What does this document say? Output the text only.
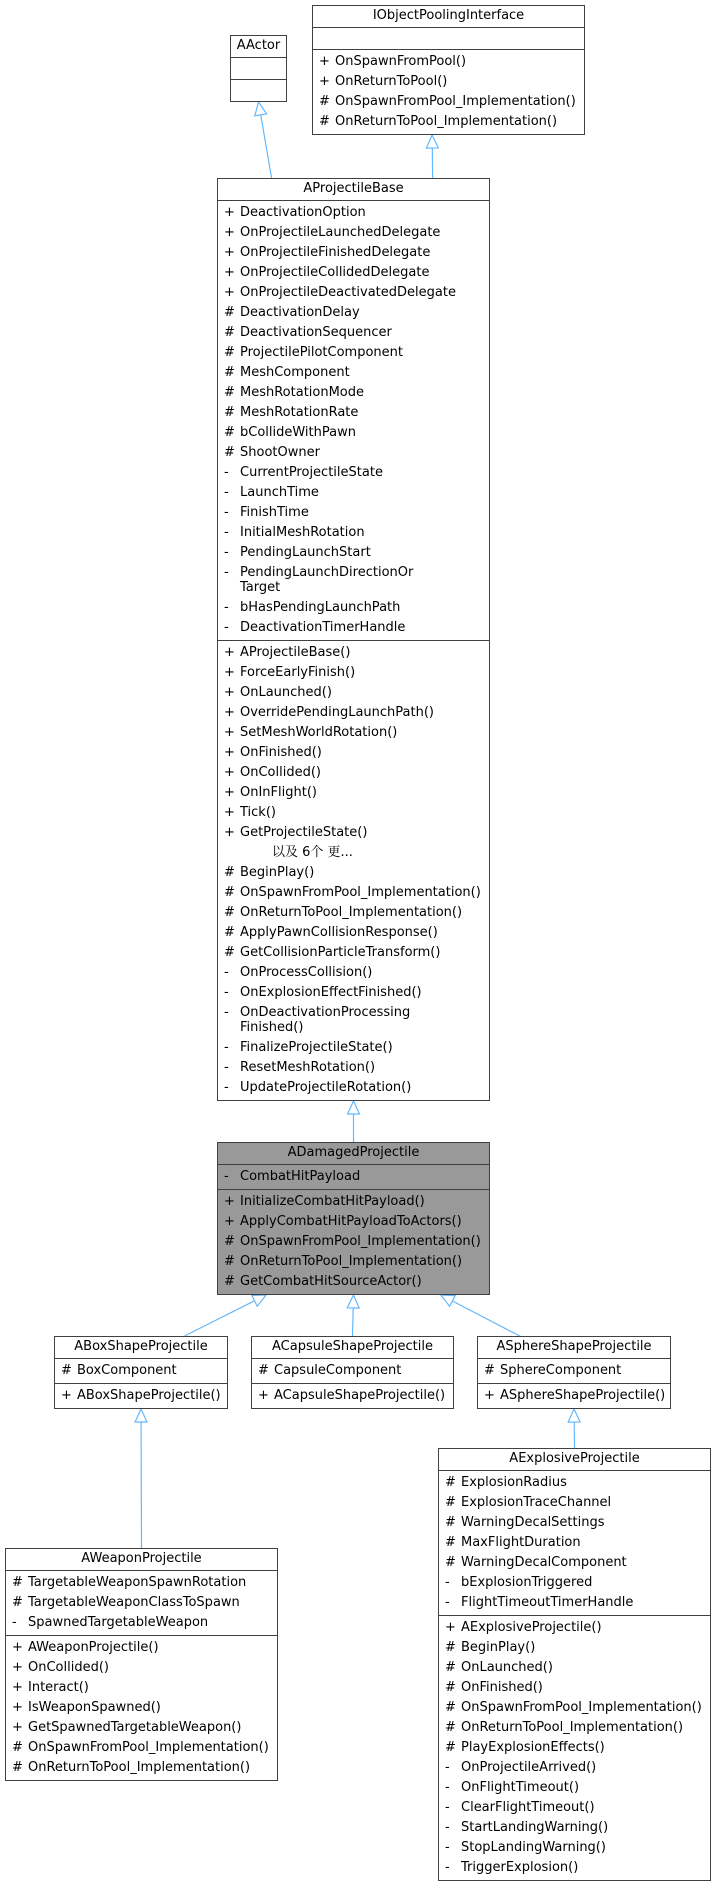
IObjectPoolingInterface
+ OnSpawnFromPool()
+ OnReturnToPool()
# OnSpawnFromPool_Implementation()
# OnReturnToPool_Implementation()
AActor
AProjectileBase
+ DeactivationOption
+ OnProjectileLaunchedDelegate
+ OnProjectileFinishedDelegate
+ OnProjectileCollidedDelegate
+ OnProjectileDeactivatedDelegate
# DeactivationDelay
# DeactivationSequencer
# ProjectilePilotComponent
# MeshComponent
# MeshRotationMode
# MeshRotationRate
# bCollideWithPawn
# ShootOwner
- CurrentProjectileState
- LaunchTime
- FinishTime
- InitialMeshRotation
- PendingLaunchStart
- PendingLaunchDirectionOr
Target
- bHasPendingLaunchPath
- DeactivationTimerHandle
+ AProjectileBase()
+ ForceEarlyFinish()
+ OnLaunched()
+ OverridePendingLaunchPath()
+ SetMeshWorldRotation()
+ OnFinished()
+ OnCollided()
+ OnInFlight()
+ Tick()
+ GetProjectileState()
以及 6个 更...
# BeginPlay()
# OnSpawnFromPool_Implementation()
# OnReturnToPool_Implementation()
# ApplyPawnCollisionResponse()
# GetCollisionParticleTransform()
- OnProcessCollision()
- OnExplosionEffectFinished()
- OnDeactivationProcessing
Finished()
- FinalizeProjectileState()
- ResetMeshRotation()
- UpdateProjectileRotation()
ADamagedProjectile
- CombatHitPayload
+ InitializeCombatHitPayload()
+ ApplyCombatHitPayloadToActors()
# OnSpawnFromPool_Implementation()
# OnReturnToPool_Implementation()
# GetCombatHitSourceActor()
ABoxShapeProjectile
# BoxComponent
+ ABoxShapeProjectile()
ACapsuleShapeProjectile
# CapsuleComponent
+ ACapsuleShapeProjectile()
ASphereShapeProjectile
# SphereComponent
+ ASphereShapeProjectile()
AWeaponProjectile
# TargetableWeaponSpawnRotation
# TargetableWeaponClassToSpawn
- SpawnedTargetableWeapon
+ AWeaponProjectile()
+ OnCollided()
+ Interact()
+ IsWeaponSpawned()
+ GetSpawnedTargetableWeapon()
# OnSpawnFromPool_Implementation()
# OnReturnToPool_Implementation()
AExplosiveProjectile
# ExplosionRadius
# ExplosionTraceChannel
# WarningDecalSettings
# MaxFlightDuration
# WarningDecalComponent
- bExplosionTriggered
- FlightTimeoutTimerHandle
+ AExplosiveProjectile()
# BeginPlay()
# OnLaunched()
# OnFinished()
# OnSpawnFromPool_Implementation()
# OnReturnToPool_Implementation()
# PlayExplosionEffects()
- OnProjectileArrived()
- OnFlightTimeout()
- ClearFlightTimeout()
- StartLandingWarning()
- StopLandingWarning()
- TriggerExplosion()
